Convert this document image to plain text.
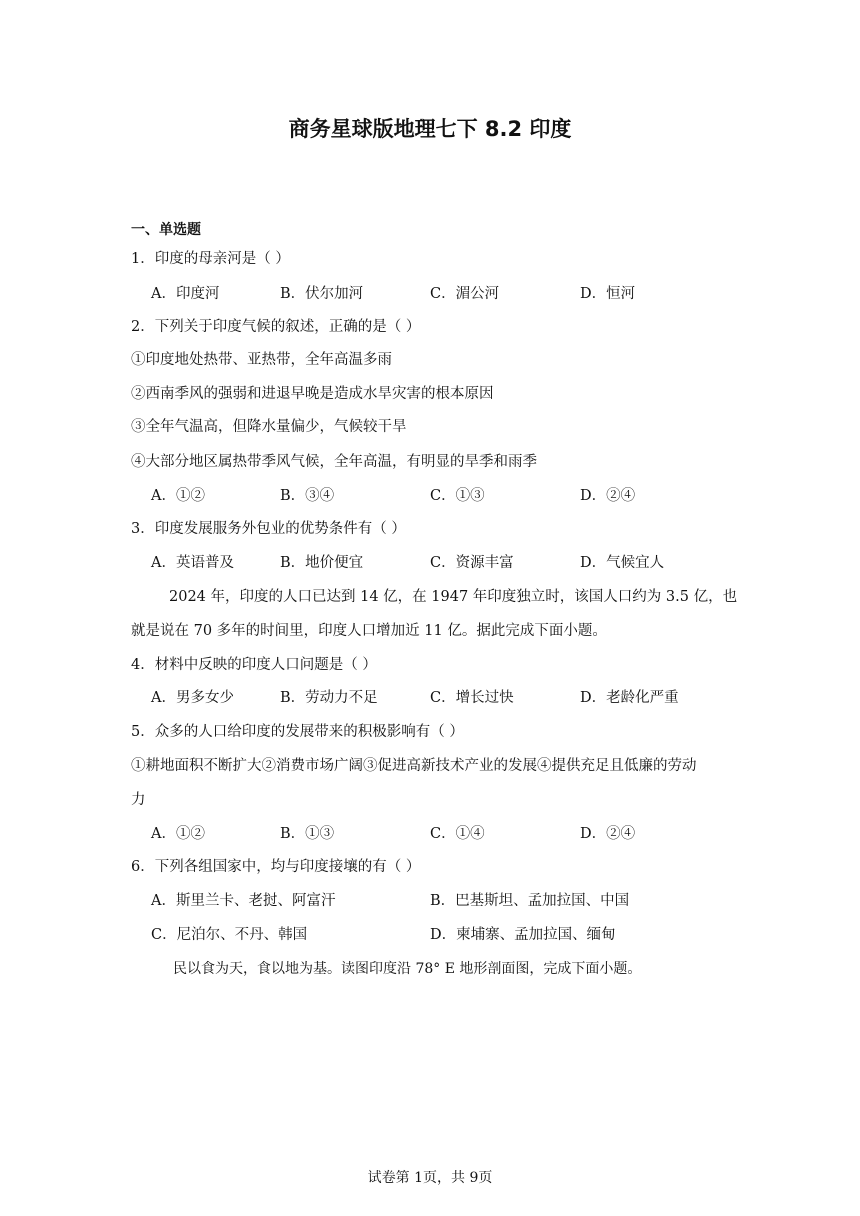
商务星球版地理七下 8.2 印度
一、单选题
1．印度的母亲河是（ ）
A．印度河	B．伏尔加河	C．湄公河	D．恒河
2．下列关于印度气候的叙述，正确的是（ ）
①印度地处热带、亚热带，全年高温多雨
②西南季风的强弱和进退早晚是造成水旱灾害的根本原因
③全年气温高，但降水量偏少，气候较干旱
④大部分地区属热带季风气候，全年高温，有明显的旱季和雨季
A．①②	B．③④	C．①③	D．②④
3．印度发展服务外包业的优势条件有（ ）
A．英语普及	B．地价便宜	C．资源丰富	D．气候宜人
2024 年，印度的人口已达到 14 亿，在 1947 年印度独立时，该国人口约为 3.5 亿，也
就是说在 70 多年的时间里，印度人口增加近 11 亿。据此完成下面小题。
4．材料中反映的印度人口问题是（ ）
A．男多女少	B．劳动力不足	C．增长过快	D．老龄化严重
5．众多的人口给印度的发展带来的积极影响有（ ）
①耕地面积不断扩大②消费市场广阔③促进高新技术产业的发展④提供充足且低廉的劳动
力
A．①②	B．①③	C．①④	D．②④
6．下列各组国家中，均与印度接壤的有（ ）
A．斯里兰卡、老挝、阿富汗	B．巴基斯坦、孟加拉国、中国
C．尼泊尔、不丹、韩国	D．柬埔寨、孟加拉国、缅甸
民以食为天，食以地为基。读图印度沿 78° E 地形剖面图，完成下面小题。
试卷第 1页，共 9页
